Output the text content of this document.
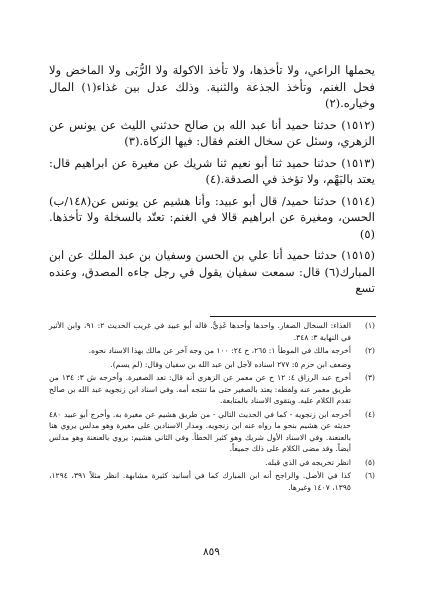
يحملها الراعي، ولا تأخذها، ولا تأخذ الاكولة ولا الرُّبَى ولا الماخض ولا فحل الغنم، وتأخذ الجذعة والثنية. وذلك عدل بين غذاء(١) المال وخياره.(٢)

(١٥١٢) حدثنا حميد أنا عبد الله بن صالح حدثني الليث عن يونس عن الزهري، وسئل عن سخال الغنم فقال: فيها الزكاة.(٣)

(١٥١٣) حدثنا حميد ثنا أبو نعيم ثنا شريك عن مغيرة عن ابراهيم قال: يعتد بالبَهْم، ولا تؤخذ في الصدقة.(٤)

(١٥١٤) حدثنا حميد/ قال أبو عبيد: وأنا هشيم عن يونس عن(١٤٨/ب) الحسن، ومغيرة عن ابراهيم قالا في الغنم: تعتّد بالسخلة ولا تأخذها.(٥)

(١٥١٥) حدثنا حميد أنا علي بن الحسن وسفيان بن عبد الملك عن ابن المبارك(٦) قال: سمعت سفيان يقول في رجل جاءه المصدق، وعنده تسع

(١)
الغذاء: السخال الصغار. واحدها وأحدها غَذِيٌّ. قاله أبو عبيد في غريب الحديث ٢: ٩١، وابن الأثير في النهاية ٣: ٣٤٨.
(٢)
أخرجه مالك في الموطأ ١: ٢٦٥، ح ٢٤: ١٠٠ من وجه آخر عن مالك بهذا الاسناد نحوه.
وضعف ابن حزم ٥: ٢٧٧ اسناده لأجل ابن عبد الله بن سفيان وقال: (لم يسم).
(٣)
أخرج عبد الرزاق ٤: ١٢ ح عن معمر عن الزهري أنه قال: تعد الصغيرة. وأخرجه ش ٣: ١٣٤ من طريق معمر عنه ولفظه: يعتد بالصغير حتى ما تنتجه أمه. وفي اسناد ابن زنجويه عبد الله بن صالح تقدم الكلام عليه. ويتقوى الاسناد بالمتابعة.
(٤)
أخرجه ابن زنجويه - كما في الحديث التالي - من طريق هشيم عن مغيرة به. وأخرج أبو عبيد ٤٨٠ حديثه عن هشيم بنحو ما رواه عنه ابن زنجويه. ومدار الاسنادين على مغيرة وهو مدلس يروي هنا بالعنعنة. وفي الاسناد الأول شريك وهو كثير الخطأ. وفي الثاني هشيم: يروي بالعنعنة وهو مدلس أيضاً. وقد مضى الكلام على ذلك جميعاً.
(٥)
انظر تخريجه في الذي قبله.
(٦)
كذا في الأصل. والراجح أنه ابن المبارك كما في أسانيد كثيرة مشابهة. انظر مثلاً ٣٩١، ١٢٩٤، ١٣٩٥، ١٤٠٧ وغيرها.
٨٥٩
